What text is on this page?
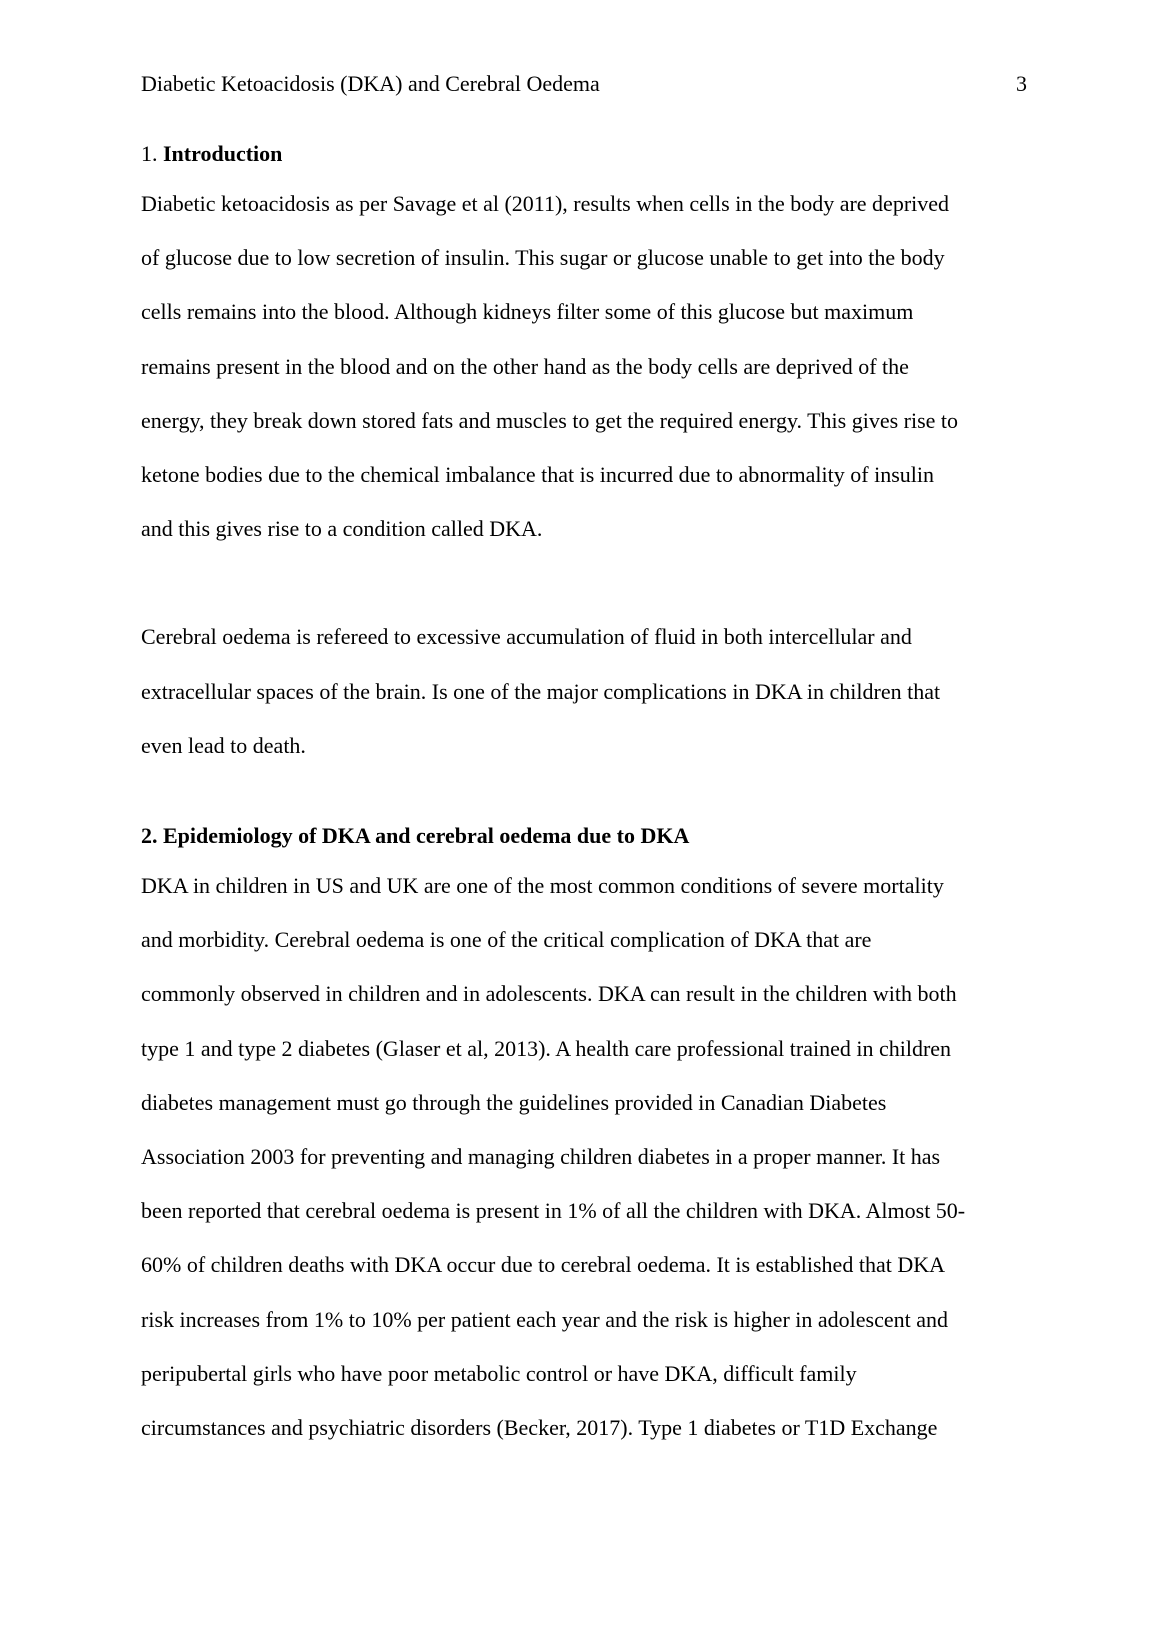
Diabetic Ketoacidosis (DKA) and Cerebral Oedema	3
1. Introduction

Diabetic ketoacidosis as per Savage et al (2011), results when cells in the body are deprived
of glucose due to low secretion of insulin. This sugar or glucose unable to get into the body
cells remains into the blood. Although kidneys filter some of this glucose but maximum
remains present in the blood and on the other hand as the body cells are deprived of the
energy, they break down stored fats and muscles to get the required energy. This gives rise to
ketone bodies due to the chemical imbalance that is incurred due to abnormality of insulin
and this gives rise to a condition called DKA.

Cerebral oedema is refereed to excessive accumulation of fluid in both intercellular and
extracellular spaces of the brain. Is one of the major complications in DKA in children that
even lead to death.

2. Epidemiology of DKA and cerebral oedema due to DKA

DKA in children in US and UK are one of the most common conditions of severe mortality
and morbidity. Cerebral oedema is one of the critical complication of DKA that are
commonly observed in children and in adolescents. DKA can result in the children with both
type 1 and type 2 diabetes (Glaser et al, 2013). A health care professional trained in children
diabetes management must go through the guidelines provided in Canadian Diabetes
Association 2003 for preventing and managing children diabetes in a proper manner. It has
been reported that cerebral oedema is present in 1% of all the children with DKA. Almost 50-
60% of children deaths with DKA occur due to cerebral oedema. It is established that DKA
risk increases from 1% to 10% per patient each year and the risk is higher in adolescent and
peripubertal girls who have poor metabolic control or have DKA, difficult family
circumstances and psychiatric disorders (Becker, 2017). Type 1 diabetes or T1D Exchange
